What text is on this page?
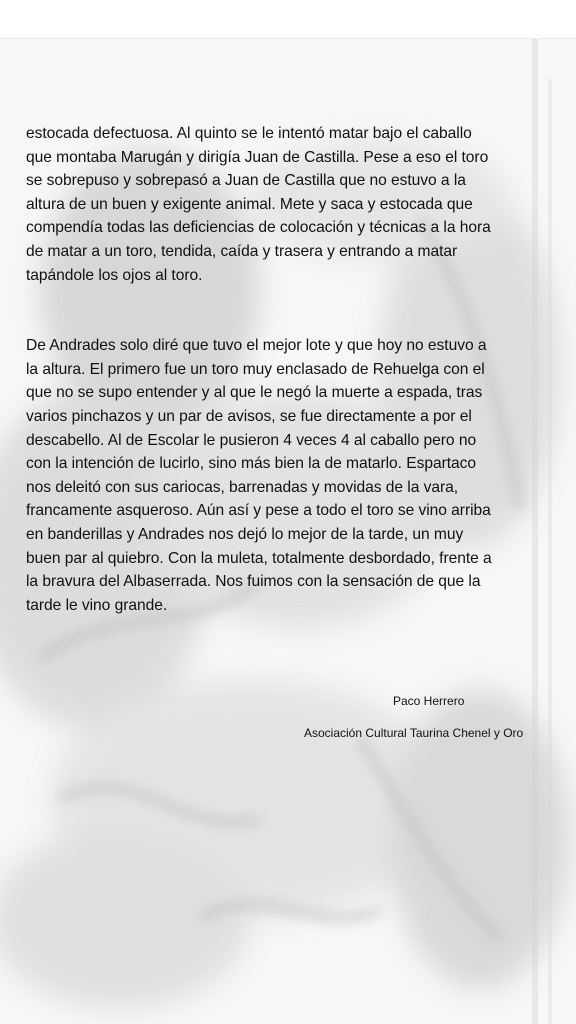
estocada defectuosa. Al quinto se le intentó matar bajo el caballo
que montaba Marugán y dirigía Juan de Castilla. Pese a eso el toro
se sobrepuso y sobrepasó a Juan de Castilla que no estuvo a la
altura de un buen y exigente animal. Mete y saca y estocada que
compendía todas las deficiencias de colocación y técnicas a la hora
de matar a un toro, tendida, caída y trasera y entrando a matar
tapándole los ojos al toro.

De Andrades solo diré que tuvo el mejor lote y que hoy no estuvo a
la altura. El primero fue un toro muy enclasado de Rehuelga con el
que no se supo entender y al que le negó la muerte a espada, tras
varios pinchazos y un par de avisos, se fue directamente a por el
descabello. Al de Escolar le pusieron 4 veces 4 al caballo pero no
con la intención de lucirlo, sino más bien la de matarlo. Espartaco
nos deleitó con sus cariocas, barrenadas y movidas de la vara,
francamente asqueroso. Aún así y pese a todo el toro se vino arriba
en banderillas y Andrades nos dejó lo mejor de la tarde, un muy
buen par al quiebro. Con la muleta, totalmente desbordado, frente a
la bravura del Albaserrada. Nos fuimos con la sensación de que la
tarde le vino grande.

Paco Herrero
Asociación Cultural Taurina Chenel y Oro
